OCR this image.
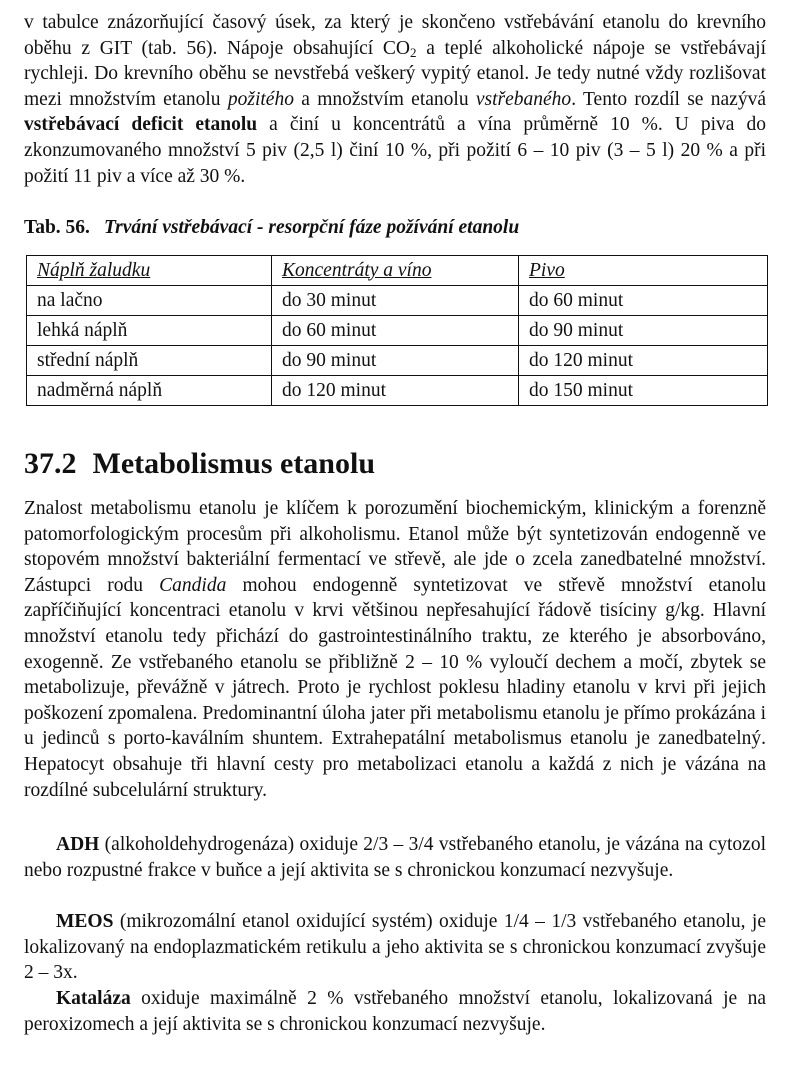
v tabulce znázorňující časový úsek, za který je skončeno vstřebávání etanolu do krevního oběhu z GIT (tab. 56). Nápoje obsahující $CO_2$ a teplé alkoholické nápoje se vstřebávají rychleji. Do krevního oběhu se nevstřebá veškerý vypitý etanol. Je tedy nutné vždy rozlišovat mezi množstvím etanolu požitého a množstvím etanolu vstřebaného. Tento rozdíl se nazývá vstřebávací deficit etanolu a činí u koncentrátů a vína průměrně 10 %. U piva do zkonzumovaného množství 5 piv (2,5 l) činí 10 %, při požití 6 – 10 piv (3 – 5 l) 20 % a při požití 11 piv a více až 30 %.

Tab. 56. Trvání vstřebávací - resorpční fáze požívání etanolu

Náplň žaludku	Koncentráty a víno	Pivo
na lačno	do 30 minut	do 60 minut
lehká náplň	do 60 minut	do 90 minut
střední náplň	do 90 minut	do 120 minut
nadměrná náplň	do 120 minut	do 150 minut
37.2 Metabolismus etanolu

Znalost metabolismu etanolu je klíčem k porozumění biochemickým, klinickým a forenzně patomorfologickým procesům při alkoholismu. Etanol může být syntetizován endogenně ve stopovém množství bakteriální fermentací ve střevě, ale jde o zcela zanedbatelné množství. Zástupci rodu Candida mohou endogenně syntetizovat ve střevě množství etanolu zapříčiňující koncentraci etanolu v krvi většinou nepřesahující řádově tisíciny g/kg. Hlavní množství etanolu tedy přichází do gastrointestinálního traktu, ze kterého je absorbováno, exogenně. Ze vstřebaného etanolu se přibližně 2 – 10 % vyloučí dechem a močí, zbytek se metabolizuje, převážně v játrech. Proto je rychlost poklesu hladiny etanolu v krvi při jejich poškození zpomalena. Predominantní úloha jater při metabolismu etanolu je přímo prokázána i u jedinců s porto-kaválním shuntem. Extrahepatální metabolismus etanolu je zanedbatelný. Hepatocyt obsahuje tři hlavní cesty pro metabolizaci etanolu a každá z nich je vázána na rozdílné subcelulární struktury.

ADH (alkoholdehydrogenáza) oxiduje 2/3 – 3/4 vstřebaného etanolu, je vázána na cytozol nebo rozpustné frakce v buňce a její aktivita se s chronickou konzumací nezvyšuje.

MEOS (mikrozomální etanol oxidující systém) oxiduje 1/4 – 1/3 vstřebaného etanolu, je lokalizovaný na endoplazmatickém retikulu a jeho aktivita se s chronickou konzumací zvyšuje 2 – 3x.

Kataláza oxiduje maximálně 2 % vstřebaného množství etanolu, lokalizovaná je na peroxizomech a její aktivita se s chronickou konzumací nezvyšuje.
